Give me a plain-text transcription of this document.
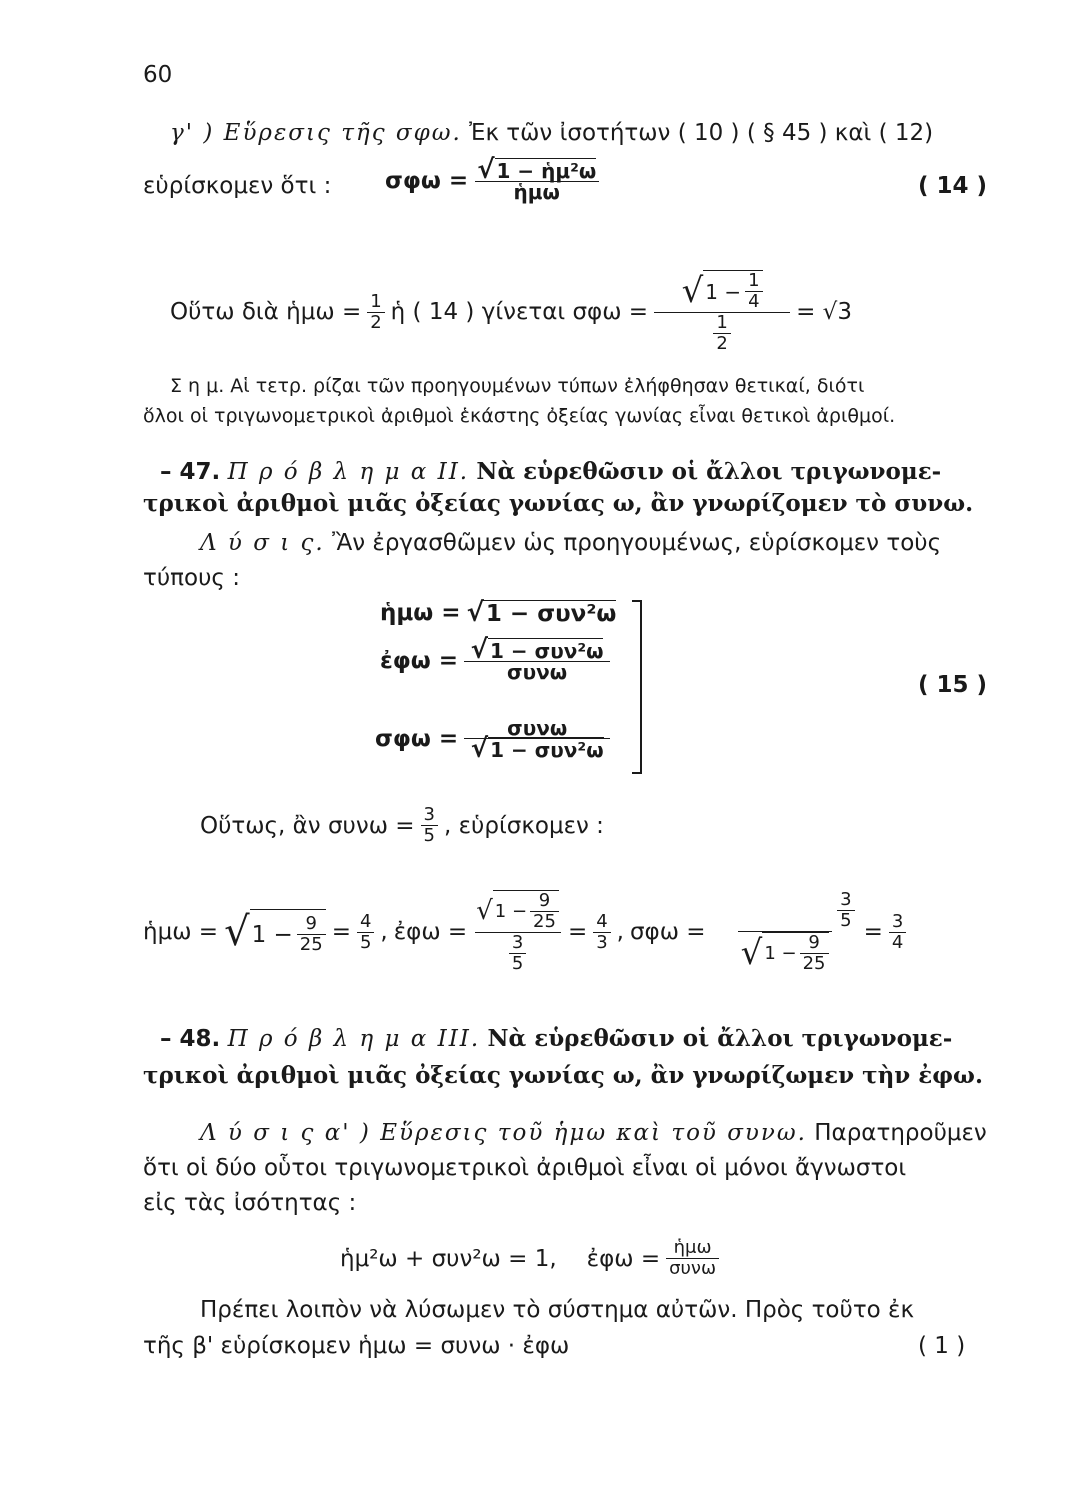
60
γ' ) Εὕρεσις τῆς σφω. Ἐκ τῶν ἰσοτήτων ( 10 ) ( § 45 ) καὶ ( 12)
εὑρίσκομεν ὅτι : $\sigma\varphi\omega = \frac{\text{√ 1 − ἡμ²ω}}{\text{ἡμω}}$	( 14 )
Οὕτω διὰ ἡμω = $\frac{1}{2}$ ἡ ( 14 ) γίνεται $\sigma\varphi\omega = \frac{√ 1 - \frac{1}{4}}{\frac{1}{2}} = √3$
Σ η μ. Αἱ τετρ. ρίζαι τῶν προηγουμένων τύπων ἐλήφθησαν θετικαί, διότι
ὅλοι οἱ τριγωνομετρικοὶ ἀριθμοὶ ἑκάστης ὀξείας γωνίας εἶναι θετικοὶ ἀριθμοί.
– 47. Π ρ ό β λ η μ α ΙΙ. Νὰ εὑρεθῶσιν οἱ ἄλλοι τριγωνομε-
τρικοὶ ἀριθμοὶ μιᾶς ὀξείας γωνίας ω, ἂν γνωρίζομεν τὸ συνω.
Λ ύ σ ι ς. Ἂν ἐργασθῶμεν ὡς προηγουμένως, εὑρίσκομεν τοὺς
τύπους :
ἡμω = √1 − συν²ω
ἐφω = $\frac{\text{√ 1 − συν²ω}}{\text{συνω}}$
$\sigma\varphi\omega = \frac{\text{συνω}}{\text{√ 1 − συν²ω}}$
( 15 )
Οὕτως, ἂν $\sigma\upsilon\nu\omega = \frac{3}{5}$ , εὑρίσκομεν :
ἡμω = √ $1 - \frac{9}{25} = \frac{4}{5}$ , ἐφω = $\frac{√ 1 - \frac{9}{25}}{\frac{3}{5}} = \frac{4}{3}$ , $\sigma\varphi\omega = \frac{\frac{3}{5}}{√ 1 - \frac{9}{25}} = \frac{3}{4}$
– 48. Π ρ ό β λ η μ α ΙΙΙ. Νὰ εὑρεθῶσιν οἱ ἄλλοι τριγωνομε-
τρικοὶ ἀριθμοὶ μιᾶς ὀξείας γωνίας ω, ἂν γνωρίζωμεν τὴν ἐφω.
Λ ύ σ ι ς α' ) Εὕρεσις τοῦ ἡμω καὶ τοῦ συνω. Παρατηροῦμεν
ὅτι οἱ δύο οὗτοι τριγωνομετρικοὶ ἀριθμοὶ εἶναι οἱ μόνοι ἄγνωστοι
εἰς τὰς ἰσότητας :
ἡμ²ω + συν²ω = 1, ἐφω = $\frac{\text{ἡμω}}{\text{συνω}}$
Πρέπει λοιπὸν νὰ λύσωμεν τὸ σύστημα αὐτῶν. Πρὸς τοῦτο ἐκ
τῆς β' εὑρίσκομεν ἡμω = συνω · ἐφω	( 1 )
